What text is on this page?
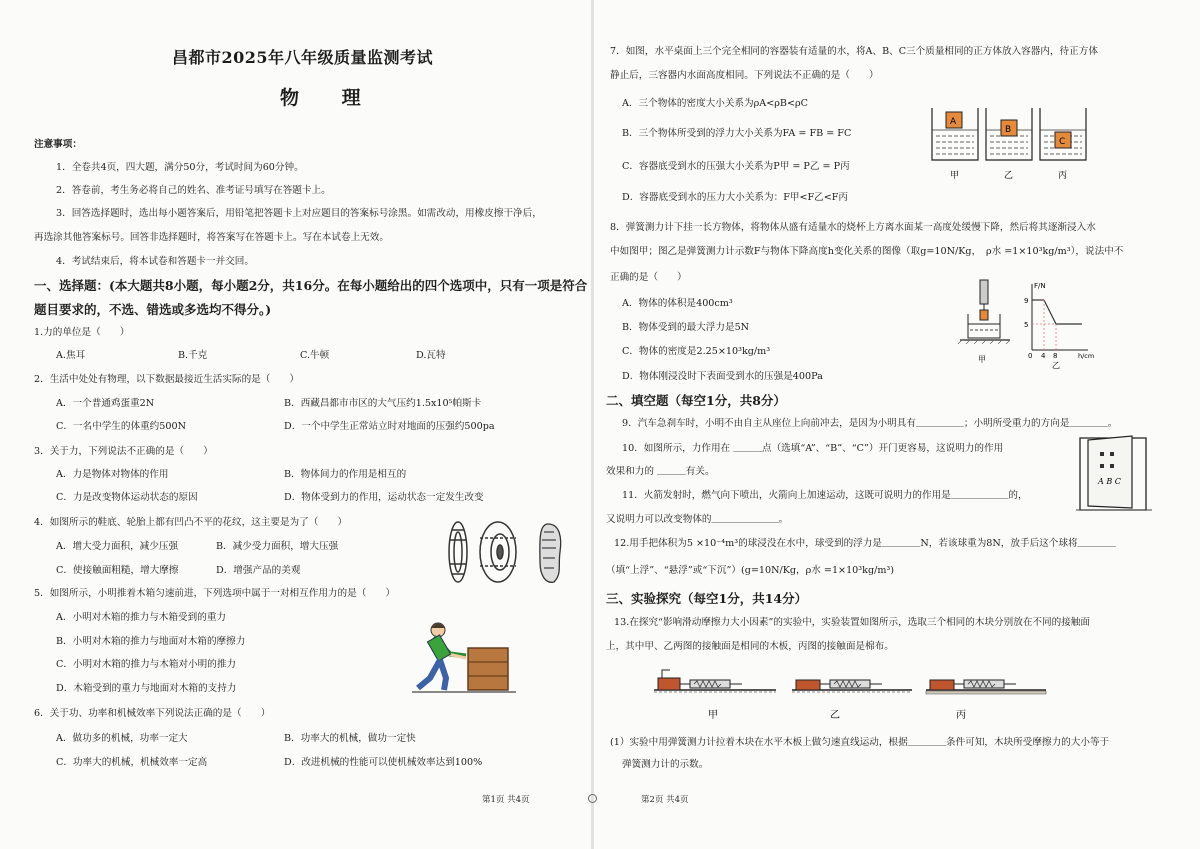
昌都市2025年八年级质量监测考试
物 理
注意事项：
1．全卷共4页，四大题，满分50分，考试时间为60分钟。
2．答卷前，考生务必将自己的姓名、准考证号填写在答题卡上。
3．回答选择题时，选出每小题答案后，用铅笔把答题卡上对应题目的答案标号涂黑。如需改动，用橡皮擦干净后，
再选涂其他答案标号。回答非选择题时，将答案写在答题卡上。写在本试卷上无效。
4．考试结束后，将本试卷和答题卡一并交回。
一、选择题：(本大题共8小题，每小题2分，共16分。在每小题给出的四个选项中，只有一项是符合
题目要求的，不选、错选或多选均不得分。)
1.力的单位是（　　）
A.焦耳	B.千克	C.牛顿	D.瓦特
2．生活中处处有物理，以下数据最接近生活实际的是（　　）
A．一个普通鸡蛋重2N	B．西藏昌都市市区的大气压约1.5x10⁵帕斯卡
C．一名中学生的体重约500N	D．一个中学生正常站立时对地面的压强约500pa
3．关于力，下列说法不正确的是（　　）
A．力是物体对物体的作用	B．物体间力的作用是相互的
C．力是改变物体运动状态的原因	D．物体受到力的作用，运动状态一定发生改变
4．如图所示的鞋底、轮胎上都有凹凸不平的花纹，这主要是为了（　　）
A．增大受力面积，减少压强	B．减少受力面积，增大压强
C．使接触面粗糙，增大摩擦	D．增强产品的美观
5．如图所示，小明推着木箱匀速前进，下列选项中属于一对相互作用力的是（　　）
A．小明对木箱的推力与木箱受到的重力
B．小明对木箱的推力与地面对木箱的摩擦力
C．小明对木箱的推力与木箱对小明的推力
D．木箱受到的重力与地面对木箱的支持力
6．关于功、功率和机械效率下列说法正确的是（　　）
A．做功多的机械，功率一定大	B．功率大的机械，做功一定快
C．功率大的机械，机械效率一定高	D．改进机械的性能可以使机械效率达到100%
第1页 共4页
7．如图，水平桌面上三个完全相同的容器装有适量的水，将A、B、C三个质量相同的正方体放入容器内，待正方体
静止后，三容器内水面高度相同。下列说法不正确的是（　　）
A．三个物体的密度大小关系为ρA<ρB<ρC
B．三个物体所受到的浮力大小关系为FA = FB = FC
C．容器底受到水的压强大小关系为P甲 = P乙 = P丙
D．容器底受到水的压力大小关系为：F甲<F乙<F丙
A
B
C
甲	乙	丙
8．弹簧测力计下挂一长方物体，将物体从盛有适量水的烧杯上方离水面某一高度处缓慢下降，然后将其逐渐浸入水
中如图甲；图乙是弹簧测力计示数F与物体下降高度h变化关系的图像（取g=10N/Kg，　ρ水 =1×10³kg/m³），说法中不
正确的是（　　）
A．物体的体积是400cm³
B．物体受到的最大浮力是5N
C．物体的密度是2.25×10³kg/m³
D．物体刚浸没时下表面受到水的压强是400Pa
甲
F/N
9
5
0 4 8	h/cm
乙
二、填空题（每空1分，共8分）
9．汽车急刹车时，小明不由自主从座位上向前冲去，是因为小明具有＿＿＿＿＿；小明所受重力的方向是＿＿＿＿。
10．如图所示，力作用在 ＿＿＿点（选填“A”、“B”、“C”）开门更容易，这说明力的作用
效果和力的 ＿＿＿有关。
A B C
11．火箭发射时，燃气向下喷出，火箭向上加速运动，这既可说明力的作用是＿＿＿＿＿＿的，
又说明力可以改变物体的＿＿＿＿＿＿＿。
12.用手把体积为5 ×10⁻⁴m³的球浸没在水中，球受到的浮力是＿＿＿＿N，若该球重为8N，放手后这个球将＿＿＿＿
（填“上浮”、“悬浮”或“下沉”）(g=10N/Kg，ρ水 =1×10³kg/m³)
三、实验探究（每空1分，共14分）
13.在探究“影响滑动摩擦力大小因素”的实验中，实验装置如图所示，选取三个相同的木块分别放在不同的接触面
上，其中甲、乙两图的接触面是相同的木板，丙图的接触面是棉布。
甲	乙	丙
(1）实验中用弹簧测力计拉着木块在水平木板上做匀速直线运动，根据＿＿＿＿条件可知，木块所受摩擦力的大小等于
弹簧测力计的示数。
第2页 共4页
